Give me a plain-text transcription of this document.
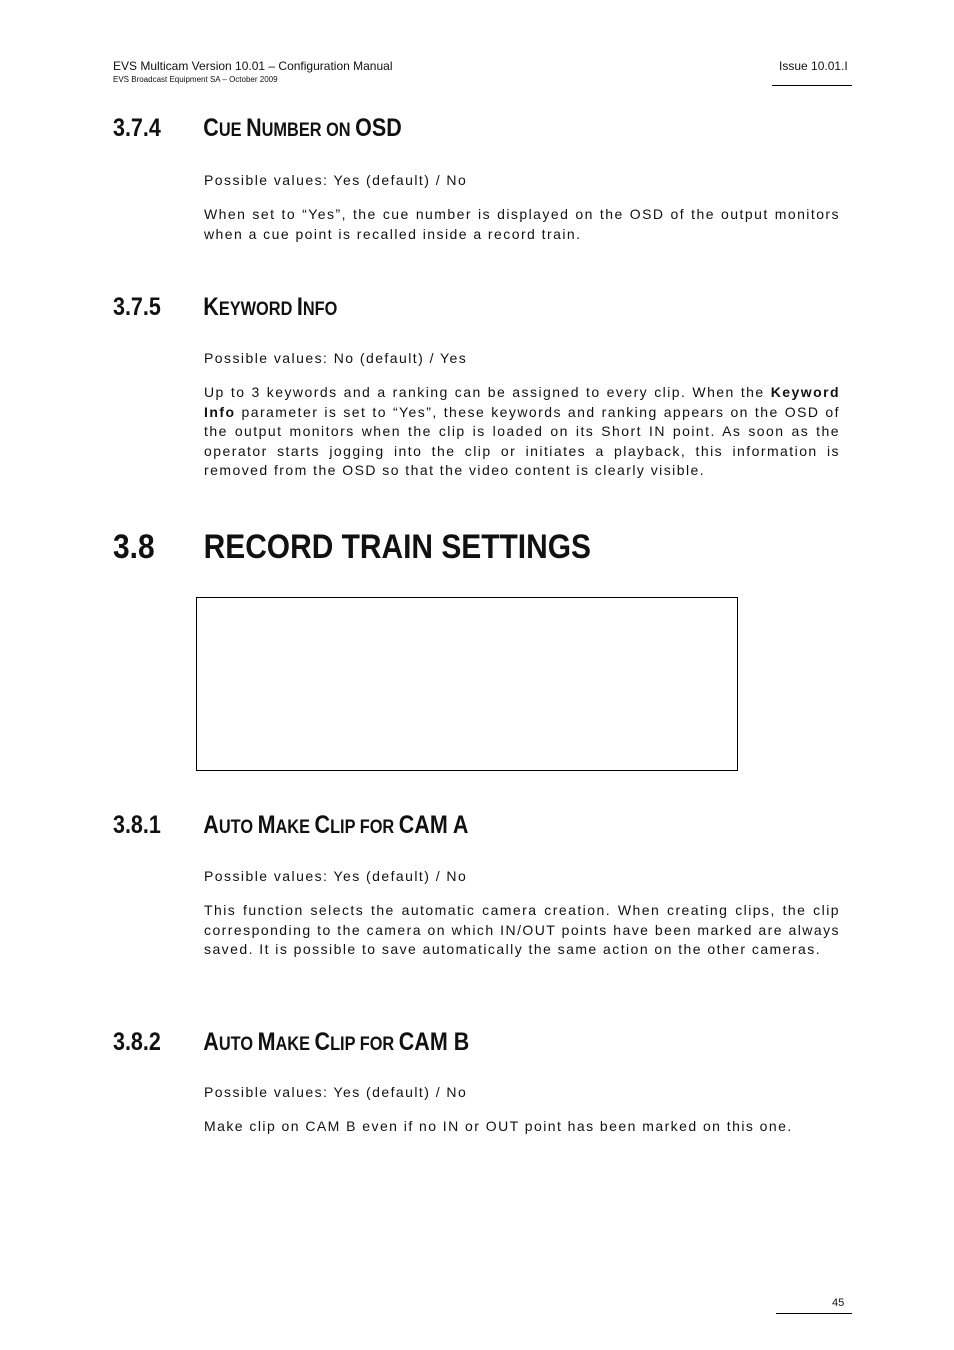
EVS Multicam Version 10.01 – Configuration Manual
EVS Broadcast Equipment SA – October 2009
Issue 10.01.I
3.7.4 CUE NUMBER ON OSD

Possible values: Yes (default) / No

When set to “Yes”, the cue number is displayed on the OSD of the output monitors when a cue point is recalled inside a record train.

3.7.5 KEYWORD INFO

Possible values: No (default) / Yes

Up to 3 keywords and a ranking can be assigned to every clip. When the Keyword Info parameter is set to “Yes”, these keywords and ranking appears on the OSD of the output monitors when the clip is loaded on its Short IN point. As soon as the operator starts jogging into the clip or initiates a playback, this information is removed from the OSD so that the video content is clearly visible.

3.8 RECORD TRAIN SETTINGS
3.8.1 AUTO MAKE CLIP FOR CAM A

Possible values: Yes (default) / No

This function selects the automatic camera creation. When creating clips, the clip corresponding to the camera on which IN/OUT points have been marked are always saved. It is possible to save automatically the same action on the other cameras.

3.8.2 AUTO MAKE CLIP FOR CAM B

Possible values: Yes (default) / No

Make clip on CAM B even if no IN or OUT point has been marked on this one.

45
